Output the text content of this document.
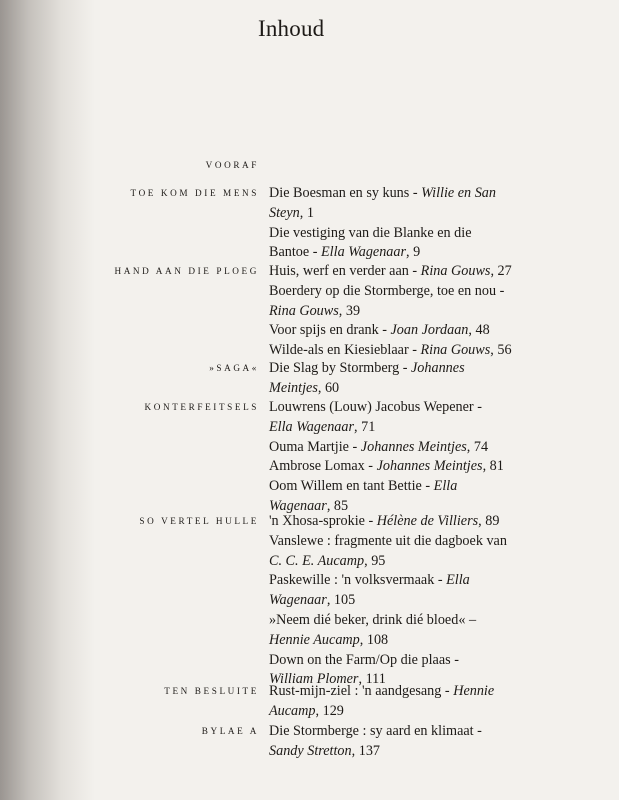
Inhoud
VOORAF
TOE KOM DIE MENS Die Boesman en sy kuns - Willie en San
Steyn, 1
Die vestiging van die Blanke en die
Bantoe - Ella Wagenaar, 9
HAND AAN DIE PLOEG Huis, werf en verder aan - Rina Gouws, 27
Boerdery op die Stormberge, toe en nou -
Rina Gouws, 39
Voor spijs en drank - Joan Jordaan, 48
Wilde-als en Kiesieblaar - Rina Gouws, 56
»SAGA« Die Slag by Stormberg - Johannes
Meintjes, 60
KONTERFEITSELS Louwrens (Louw) Jacobus Wepener -
Ella Wagenaar, 71
Ouma Martjie - Johannes Meintjes, 74
Ambrose Lomax - Johannes Meintjes, 81
Oom Willem en tant Bettie - Ella
Wagenaar, 85
SO VERTEL HULLE 'n Xhosa-sprokie - Hélène de Villiers, 89
Vanslewe : fragmente uit die dagboek van
C. C. E. Aucamp, 95
Paskewille : 'n volksvermaak - Ella
Wagenaar, 105
»Neem dié beker, drink dié bloed« –
Hennie Aucamp, 108
Down on the Farm/Op die plaas -
William Plomer, 111
TEN BESLUITE Rust-mijn-ziel : 'n aandgesang - Hennie
Aucamp, 129
BYLAE A Die Stormberge : sy aard en klimaat -
Sandy Stretton, 137
